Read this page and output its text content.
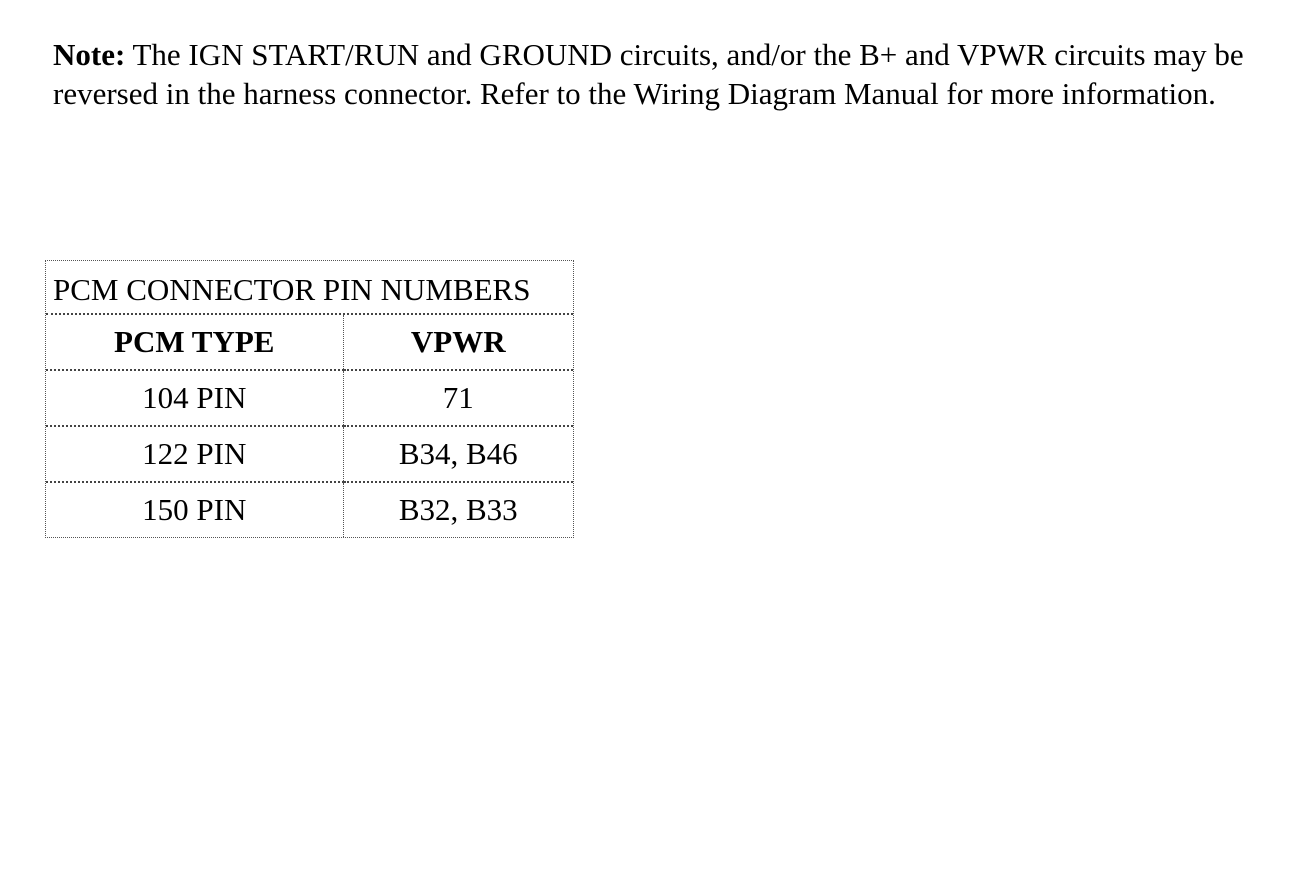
Note: The IGN START/RUN and GROUND circuits, and/or the B+ and VPWR circuits may be reversed in the harness connector. Refer to the Wiring Diagram Manual for more information.

PCM CONNECTOR PIN NUMBERS
PCM TYPE	VPWR
104 PIN	71
122 PIN	B34, B46
150 PIN	B32, B33
